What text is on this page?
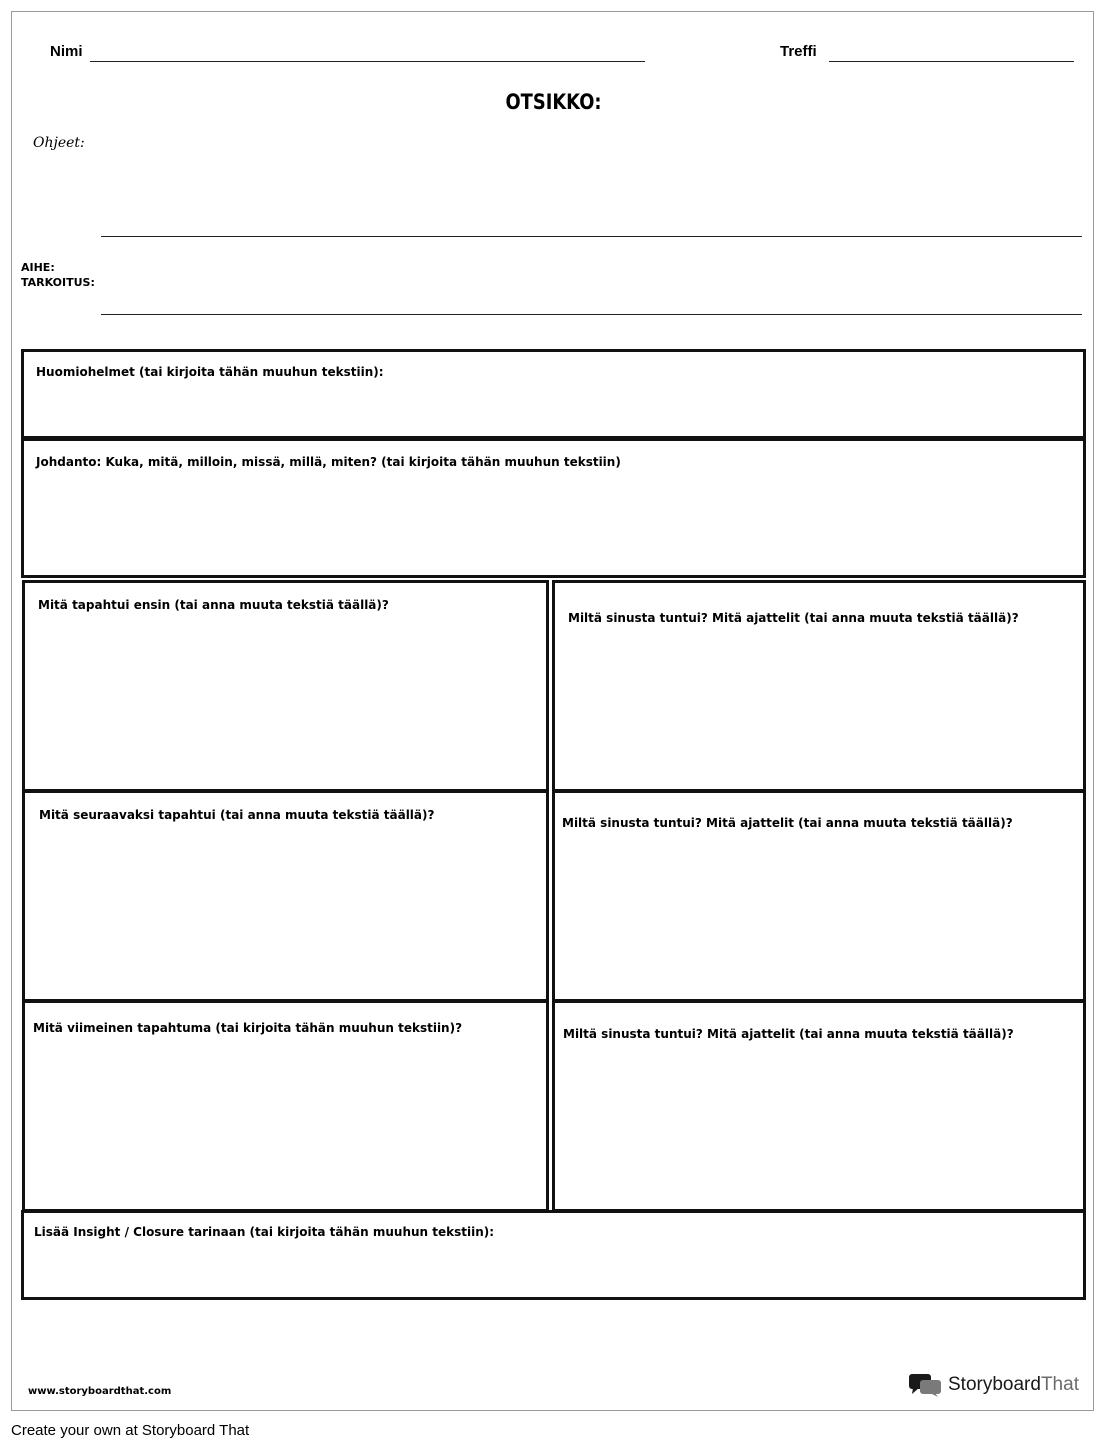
Nimi	Treffi
OTSIKKO:
Ohjeet:
AIHE:
TARKOITUS:
Huomiohelmet (tai kirjoita tähän muuhun tekstiin):
Johdanto: Kuka, mitä, milloin, missä, millä, miten? (tai kirjoita tähän muuhun tekstiin)
Mitä tapahtui ensin (tai anna muuta tekstiä täällä)?
Miltä sinusta tuntui? Mitä ajattelit (tai anna muuta tekstiä täällä)?
Mitä seuraavaksi tapahtui (tai anna muuta tekstiä täällä)?
Miltä sinusta tuntui? Mitä ajattelit (tai anna muuta tekstiä täällä)?
Mitä viimeinen tapahtuma (tai kirjoita tähän muuhun tekstiin)?	Miltä sinusta tuntui? Mitä ajattelit (tai anna muuta tekstiä täällä)?
Lisää Insight / Closure tarinaan (tai kirjoita tähän muuhun tekstiin):
www.storyboardthat.com	StoryboardThat
Create your own at Storyboard That
